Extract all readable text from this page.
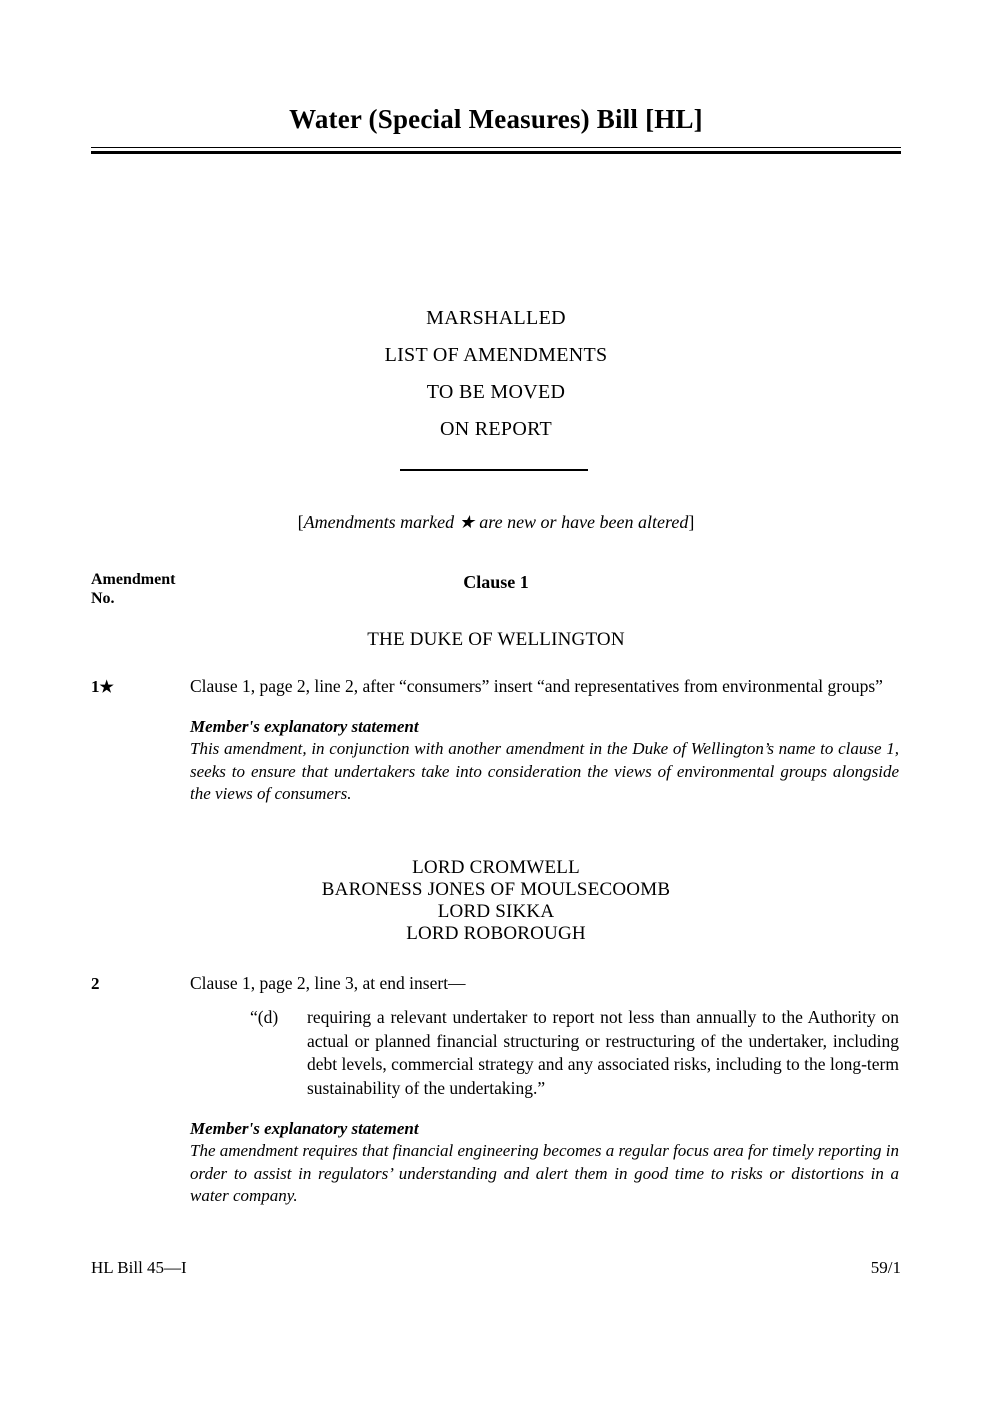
Water (Special Measures) Bill [HL]
MARSHALLED
LIST OF AMENDMENTS
TO BE MOVED
ON REPORT
[Amendments marked ★ are new or have been altered]
Amendment
No.
Clause 1
THE DUKE OF WELLINGTON
1★	Clause 1, page 2, line 2, after “consumers” insert “and representatives from environmental groups”
Member's explanatory statement
This amendment, in conjunction with another amendment in the Duke of Wellington’s name to clause 1, seeks to ensure that undertakers take into consideration the views of environmental groups alongside the views of consumers.
LORD CROMWELL
BARONESS JONES OF MOULSECOOMB
LORD SIKKA
LORD ROBOROUGH
2	Clause 1, page 2, line 3, at end insert—
“(d)	requiring a relevant undertaker to report not less than annually to the Authority on actual or planned financial structuring or restructuring of the undertaker, including debt levels, commercial strategy and any associated risks, including to the long-term sustainability of the undertaking.”
Member's explanatory statement
The amendment requires that financial engineering becomes a regular focus area for timely reporting in order to assist in regulators’ understanding and alert them in good time to risks or distortions in a water company.
HL Bill 45—I	59/1
